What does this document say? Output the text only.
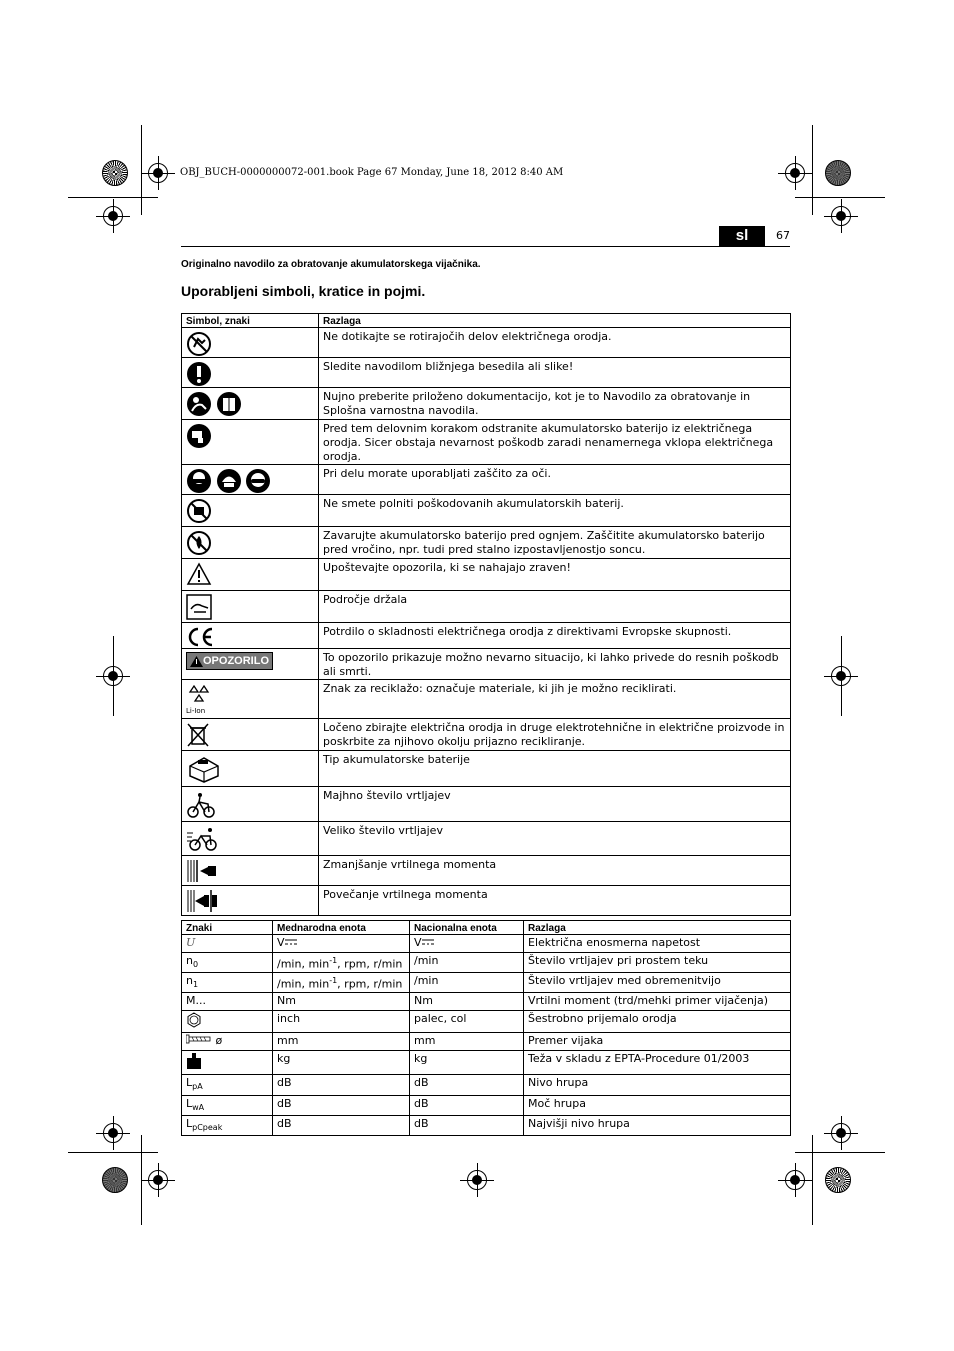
OBJ_BUCH-0000000072-001.book Page 67 Monday, June 18, 2012 8:40 AM
sl	67
Originalno navodilo za obratovanje akumulatorskega vijačnika.
Uporabljeni simboli, kratice in pojmi.
Simbol, znaki	Razlaga
	Ne dotikajte se rotirajočih delov električnega orodja.
	Sledite navodilom bližnjega besedila ali slike!
	Nujno preberite priloženo dokumentacijo, kot je to Navodilo za obratovanje in Splošna varnostna navodila.
	Pred tem delovnim korakom odstranite akumulatorsko baterijo iz električnega orodja. Sicer obstaja nevarnost poškodb zaradi nenamernega vklopa električnega orodja.
	Pri delu morate uporabljati zaščito za oči.
	Ne smete polniti poškodovanih akumulatorskih baterij.
	Zavarujte akumulatorsko baterijo pred ognjem. Zaščitite akumulatorsko baterijo pred vročino, npr. tudi pred stalno izpostavljenostjo soncu.
	Upoštevajte opozorila, ki se nahajajo zraven!
	Področje držala
	Potrdilo o skladnosti električnega orodja z direktivami Evropske skupnosti.

OPOZORILO	To opozorilo prikazuje možno nevarno situacijo, ki lahko privede do resnih poškodb ali smrti.

Li-Ion	Znak za reciklažo: označuje materiale, ki jih je možno reciklirati.
	Ločeno zbirajte električna orodja in druge elektrotehnične in električne proizvode in poskrbite za njihovo okolju prijazno recikliranje.
	Tip akumulatorske baterije
	Majhno število vrtljajev
	Veliko število vrtljajev
	Zmanjšanje vrtilnega momenta
	Povečanje vrtilnega momenta
Znaki	Mednarodna enota	Nacionalna enota	Razlaga
U	V	V	Električna enosmerna napetost
$n_0$	/min, $\min^{-1}$, rpm, r/min	/min	Število vrtljajev pri prostem teku
$n_1$	/min, $\min^{-1}$, rpm, r/min	/min	Število vrtljajev med obremenitvijo
M...	Nm	Nm	Vrtilni moment (trd/mehki primer vijačenja)
	inch	palec, col	Šestrobno prijemalo orodja
ø	mm	mm	Premer vijaka
	kg	kg	Teža v skladu z EPTA-Procedure 01/2003
$L_{pA}$	dB	dB	Nivo hrupa
$L_{wA}$	dB	dB	Moč hrupa
$L_{pCpeak}$	dB	dB	Najvišji nivo hrupa
